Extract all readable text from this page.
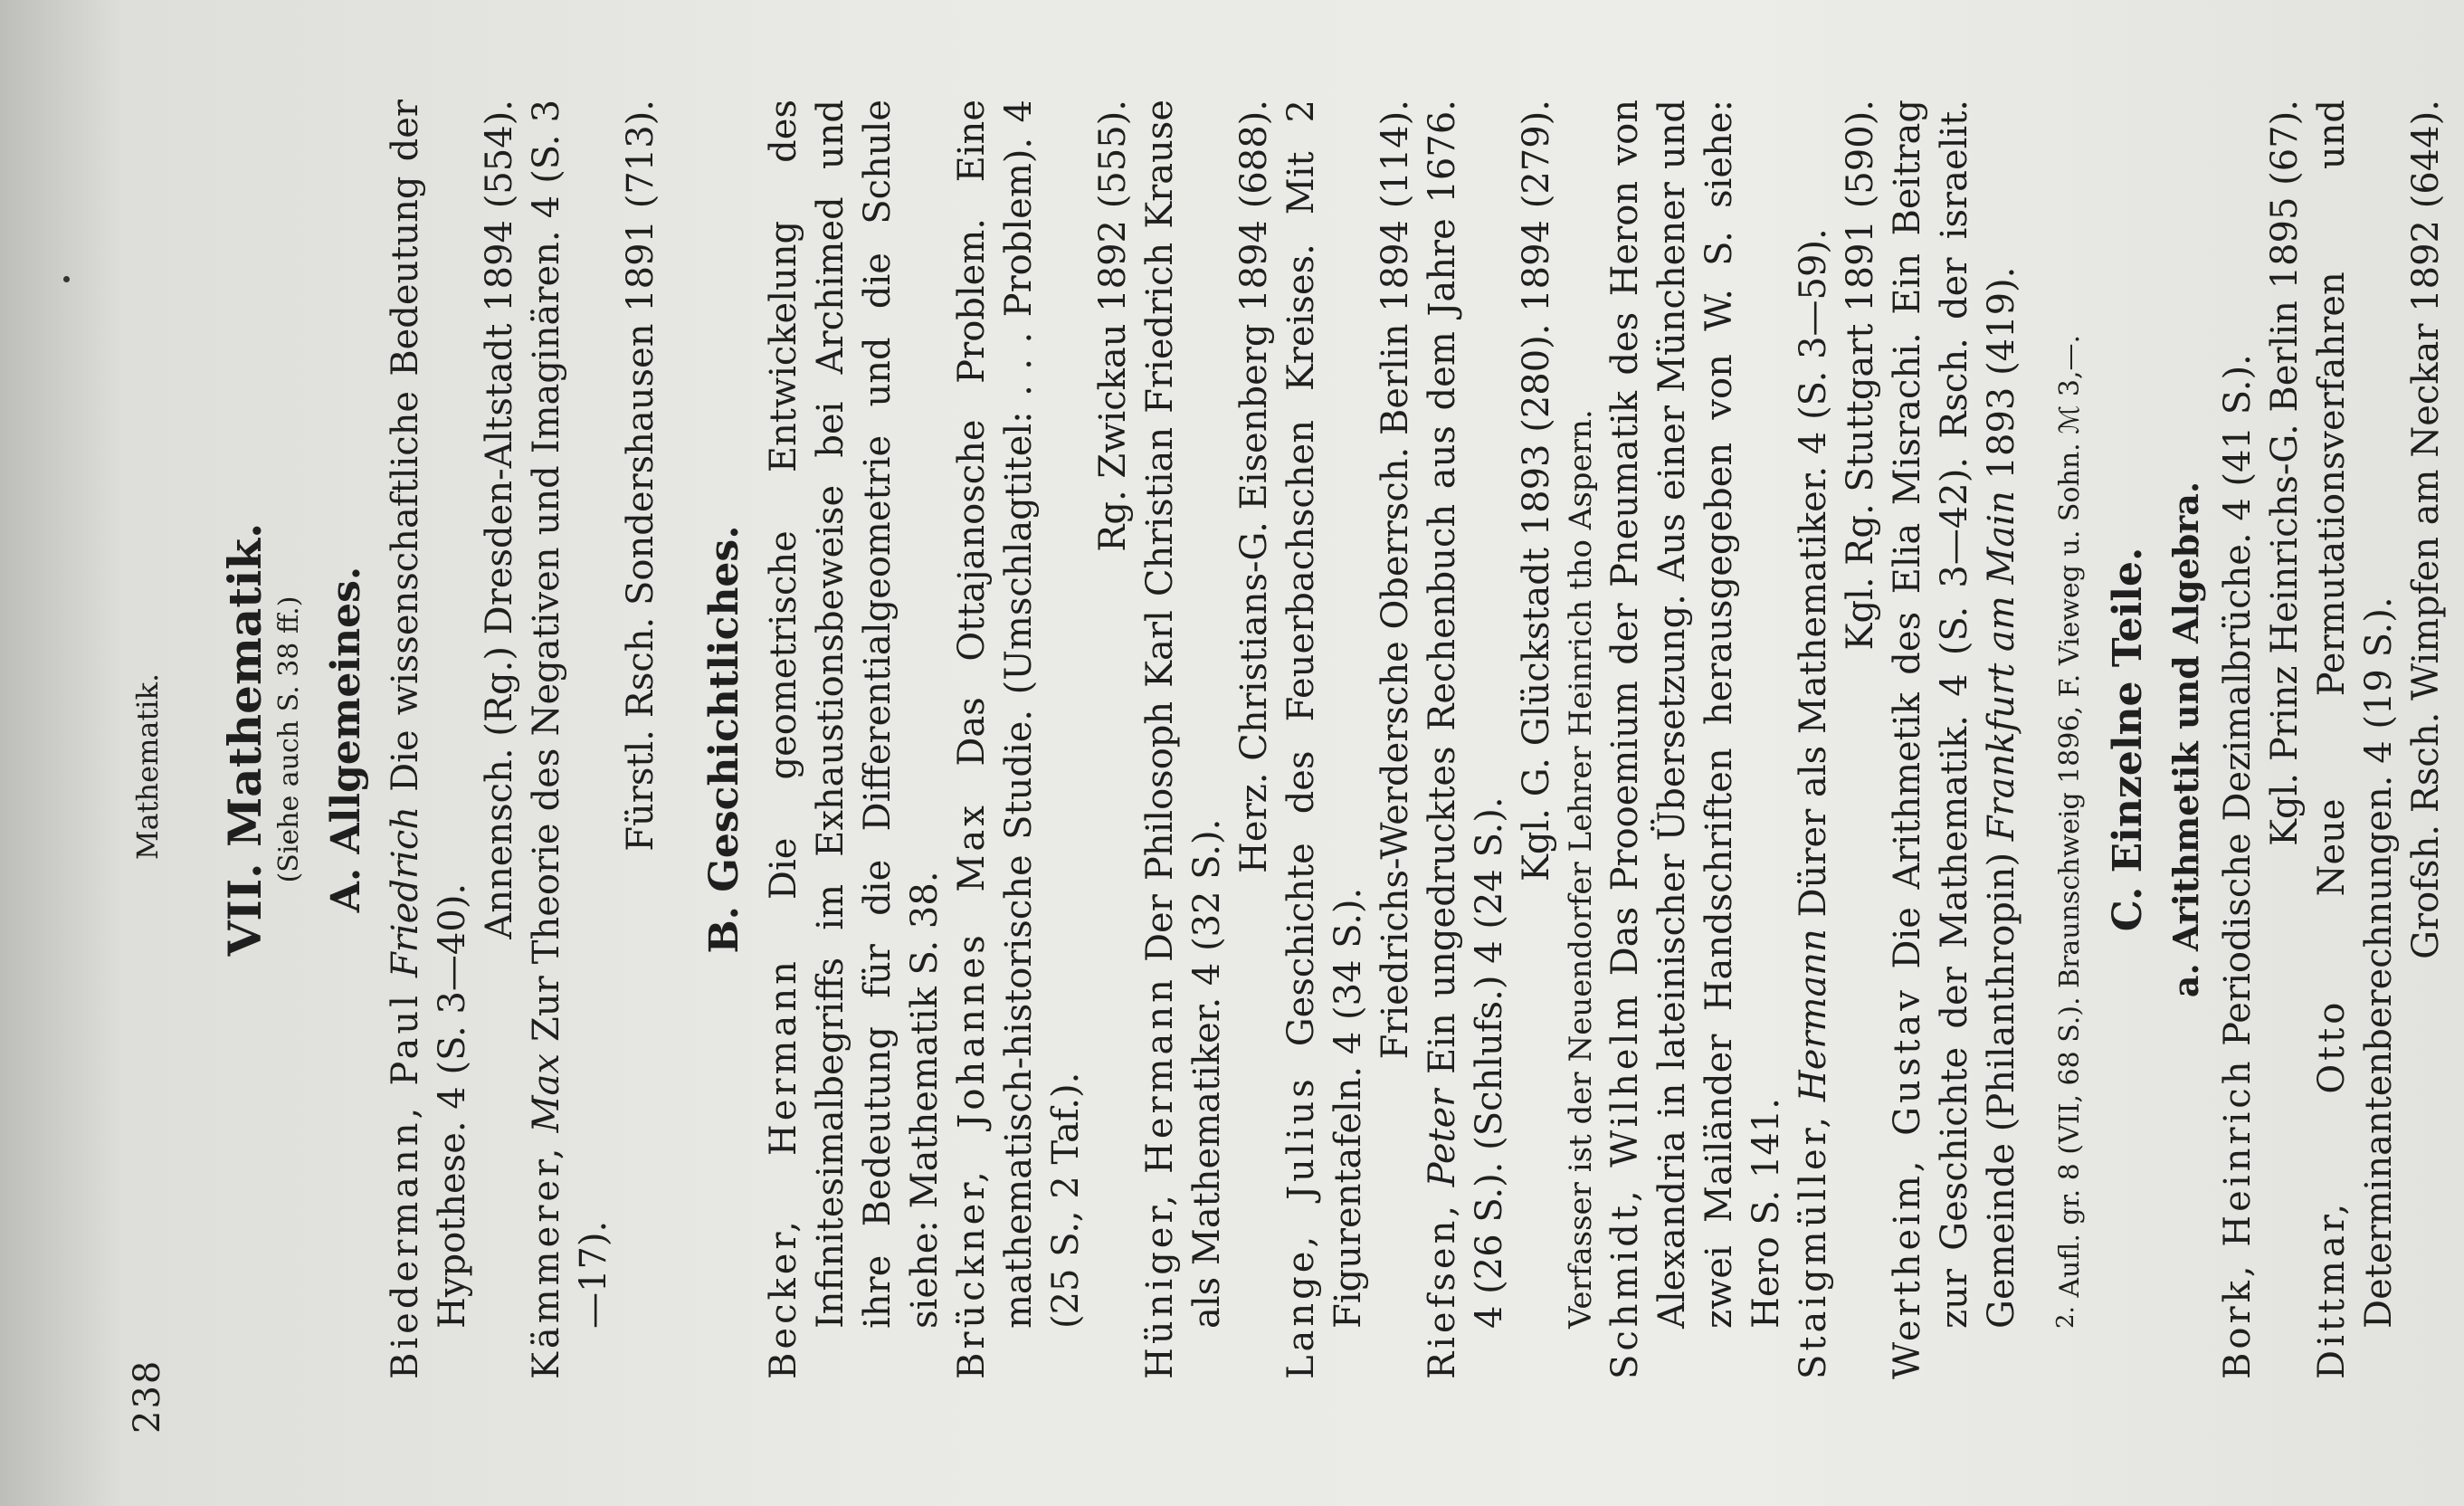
238
Mathematik. VII. Mathematik. (Siehe auch S. 38 ff.) A. Allgemeines.

Biedermann, Paul Friedrich Die wissenschaftliche Bedeutung der Hypothese. 4 (S. 3—40).

Annensch. (Rg.) Dresden-Altstadt 1894 (554).

Kämmerer, Max Zur Theorie des Negativen und Imaginären. 4 (S. 3—17).

Fürstl. Rsch. Sondershausen 1891 (713).

B. Geschichtliches.

Becker, Hermann Die geometrische Entwickelung des Infinitesimalbegriffs im Exhaustionsbeweise bei Archimed und ihre Bedeutung für die Differentialgeometrie und die Schule siehe: Mathematik S. 38. Brückner, Johannes Max Das Ottajanosche Problem. Eine mathematisch-historische Studie. (Umschlagtitel: . . . Problem). 4 (25 S., 2 Taf.).

Rg. Zwickau 1892 (555).

Hüniger, Hermann Der Philosoph Karl Christian Friedrich Krause als Mathematiker. 4 (32 S.).

Herz. Christians-G. Eisenberg 1894 (688).

Lange, Julius Geschichte des Feuerbachschen Kreises. Mit 2 Figurentafeln. 4 (34 S.).

Friedrichs-Werdersche Oberrsch. Berlin 1894 (114).

Riefsen, Peter Ein ungedrucktes Rechenbuch aus dem Jahre 1676. 4 (26 S.). (Schlufs.) 4 (24 S.). Kgl. G. Glückstadt 1893 (280). 1894 (279).

Verfasser ist der Neuendorfer Lehrer Heinrich tho Aspern. Schmidt, Wilhelm Das Prooemium der Pneumatik des Heron von Alexandria in lateinischer Übersetzung. Aus einer Münchener und zwei Mailänder Handschriften herausgegeben von W. S. siehe: Hero S. 141. Staigmüller, Hermann Dürer als Mathematiker. 4 (S. 3—59). Kgl. Rg. Stuttgart 1891 (590).

Wertheim, Gustav Die Arithmetik des Elia Misrachi. Ein Beitrag zur Geschichte der Mathematik. 4 (S. 3—42). Rsch. der israelit. Gemeinde (Philanthropin) Frankfurt am Main 1893 (419).

2. Aufl. gr. 8 (VII, 68 S.). Braunschweig 1896, F. Vieweg u. Sohn. ℳ 3,—. C. Einzelne Teile. a. Arithmetik und Algebra.

Bork, Heinrich Periodische Dezimalbrüche. 4 (41 S.). Kgl. Prinz Heinrichs-G. Berlin 1895 (67).

Dittmar, Otto Neue Permutationsverfahren und Determinantenberechnungen. 4 (19 S.). Grofsh. Rsch. Wimpfen am Neckar 1892 (644).
